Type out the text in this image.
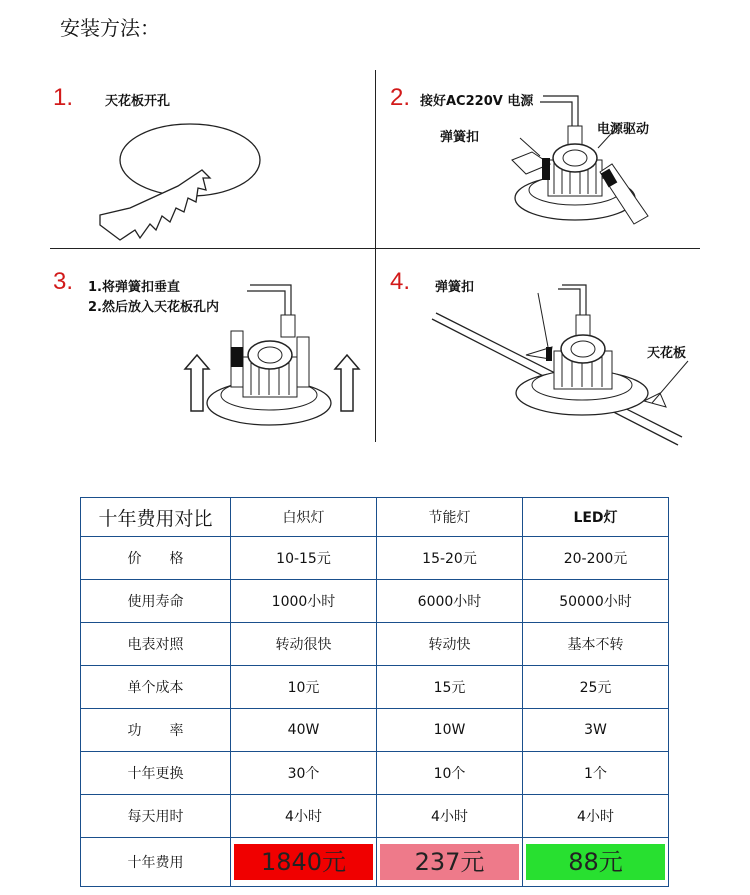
安装方法：
1. 天花板开孔	2. 接好AC220V 电源
电源驱动
弹簧扣
3. 1.将弹簧扣垂直
2.然后放入天花板孔内
4. 弹簧扣
天花板
十年费用对比	白炽灯	节能灯	LED灯
价　　格	10-15元	15-20元	20-200元
使用寿命	1000小时	6000小时	50000小时
电表对照	转动很快	转动快	基本不转
单个成本	10元	15元	25元
功　　率	40W	10W	3W
十年更换	30个	10个	1个
每天用时	4小时	4小时	4小时
十年费用	1840元	237元	88元
